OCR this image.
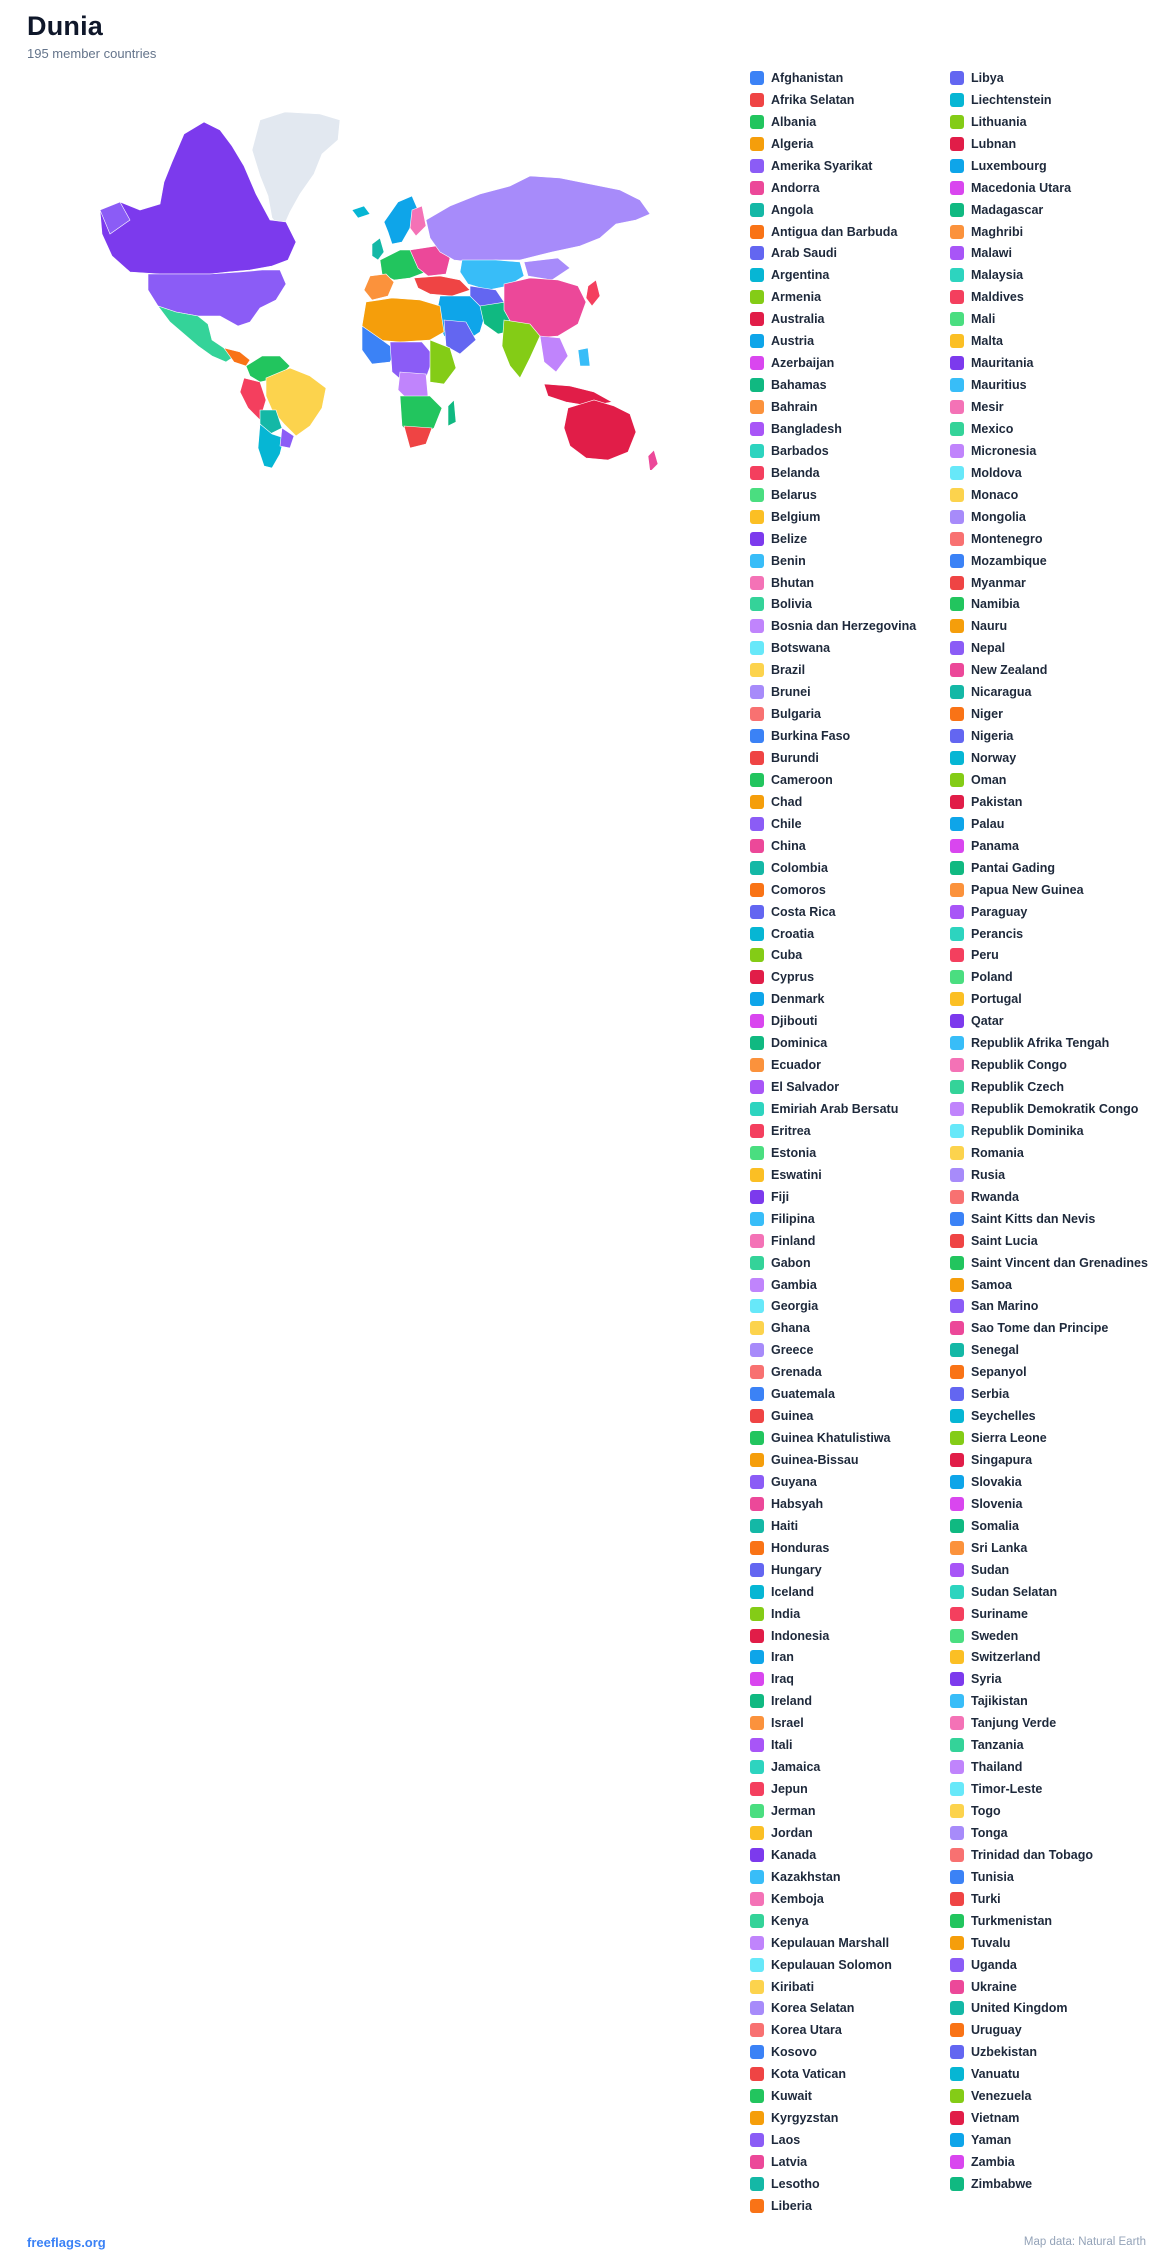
Dunia
195 member countries
Afghanistan
Afrika Selatan
Albania
Algeria
Amerika Syarikat
Andorra
Angola
Antigua dan Barbuda
Arab Saudi
Argentina
Armenia
Australia
Austria
Azerbaijan
Bahamas
Bahrain
Bangladesh
Barbados
Belanda
Belarus
Belgium
Belize
Benin
Bhutan
Bolivia
Bosnia dan Herzegovina
Botswana
Brazil
Brunei
Bulgaria
Burkina Faso
Burundi
Cameroon
Chad
Chile
China
Colombia
Comoros
Costa Rica
Croatia
Cuba
Cyprus
Denmark
Djibouti
Dominica
Ecuador
El Salvador
Emiriah Arab Bersatu
Eritrea
Estonia
Eswatini
Fiji
Filipina
Finland
Gabon
Gambia
Georgia
Ghana
Greece
Grenada
Guatemala
Guinea
Guinea Khatulistiwa
Guinea-Bissau
Guyana
Habsyah
Haiti
Honduras
Hungary
Iceland
India
Indonesia
Iran
Iraq
Ireland
Israel
Itali
Jamaica
Jepun
Jerman
Jordan
Kanada
Kazakhstan
Kemboja
Kenya
Kepulauan Marshall
Kepulauan Solomon
Kiribati
Korea Selatan
Korea Utara
Kosovo
Kota Vatican
Kuwait
Kyrgyzstan
Laos
Latvia
Lesotho
Liberia
Libya
Liechtenstein
Lithuania
Lubnan
Luxembourg
Macedonia Utara
Madagascar
Maghribi
Malawi
Malaysia
Maldives
Mali
Malta
Mauritania
Mauritius
Mesir
Mexico
Micronesia
Moldova
Monaco
Mongolia
Montenegro
Mozambique
Myanmar
Namibia
Nauru
Nepal
New Zealand
Nicaragua
Niger
Nigeria
Norway
Oman
Pakistan
Palau
Panama
Pantai Gading
Papua New Guinea
Paraguay
Perancis
Peru
Poland
Portugal
Qatar
Republik Afrika Tengah
Republik Congo
Republik Czech
Republik Demokratik Congo
Republik Dominika
Romania
Rusia
Rwanda
Saint Kitts dan Nevis
Saint Lucia
Saint Vincent dan Grenadines
Samoa
San Marino
Sao Tome dan Principe
Senegal
Sepanyol
Serbia
Seychelles
Sierra Leone
Singapura
Slovakia
Slovenia
Somalia
Sri Lanka
Sudan
Sudan Selatan
Suriname
Sweden
Switzerland
Syria
Tajikistan
Tanjung Verde
Tanzania
Thailand
Timor-Leste
Togo
Tonga
Trinidad dan Tobago
Tunisia
Turki
Turkmenistan
Tuvalu
Uganda
Ukraine
United Kingdom
Uruguay
Uzbekistan
Vanuatu
Venezuela
Vietnam
Yaman
Zambia
Zimbabwe
freeflags.org	Map data: Natural Earth
